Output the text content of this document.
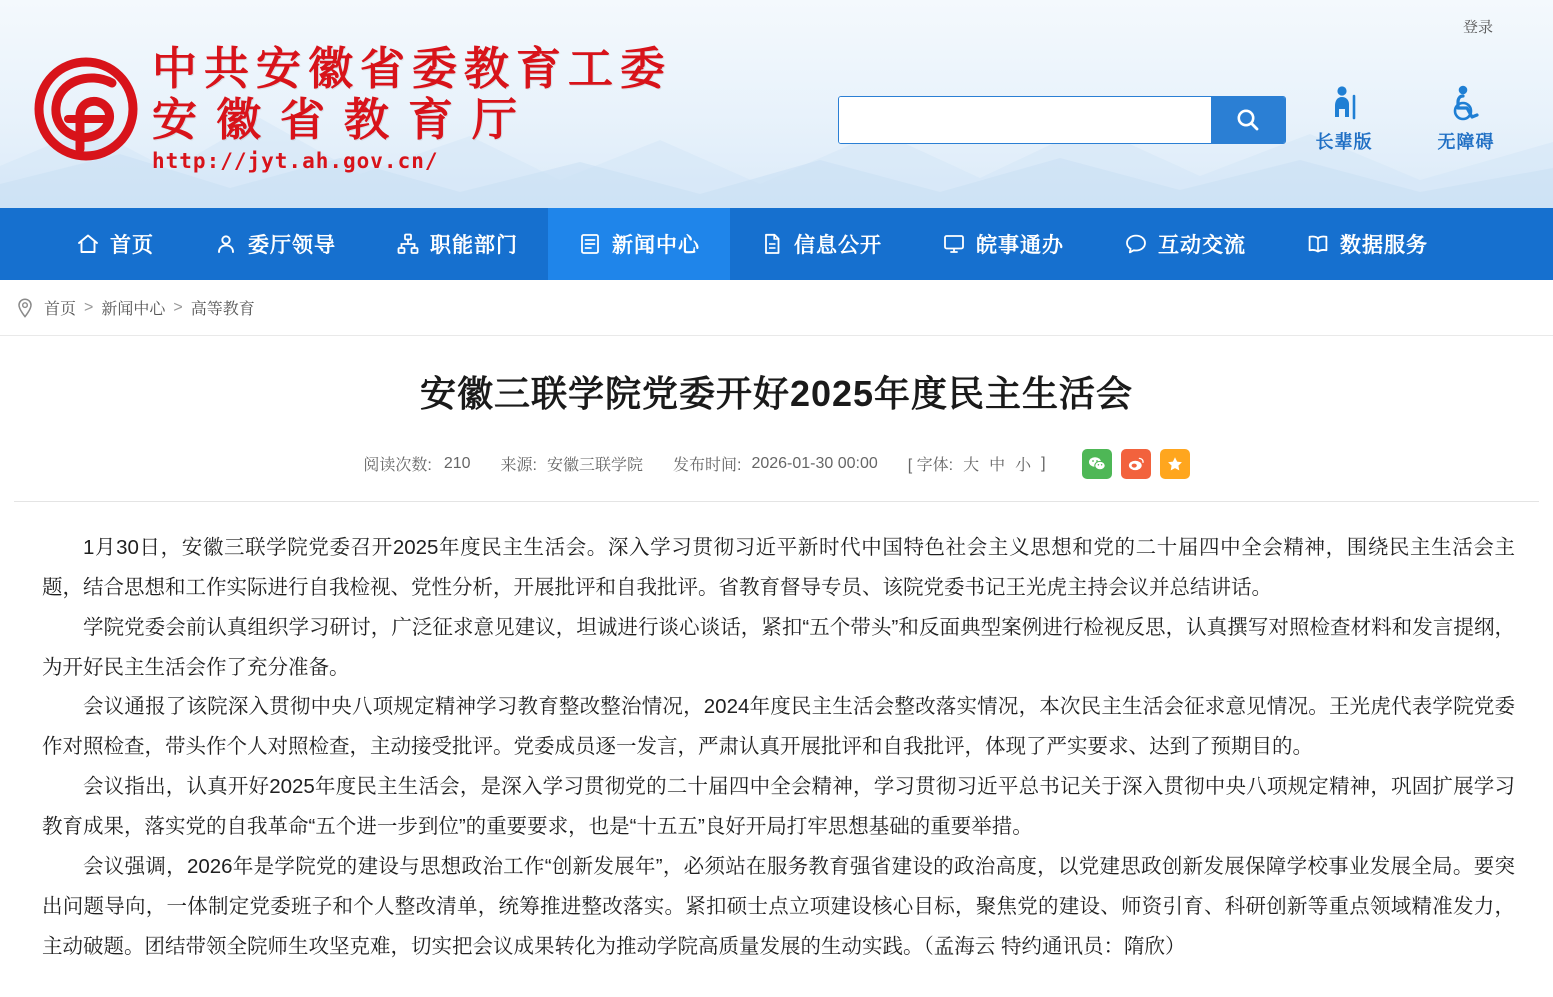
登录
中共安徽省委教育工委
安徽省教育厅
http://jyt.ah.gov.cn/
长辈版	无障碍
首页	委厅领导	职能部门	新闻中心	信息公开	皖事通办	互动交流	数据服务
首页 > 新闻中心 > 高等教育
安徽三联学院党委开好2025年度民主生活会
阅读次数: 210 来源: 安徽三联学院 发布时间: 2026-01-30 00:00 [ 字体: 大 中 小 ]

1月30日，安徽三联学院党委召开2025年度民主生活会。深入学习贯彻习近平新时代中国特色社会主义思想和党的二十届四中全会精神，围绕民主生活会主题，结合思想和工作实际进行自我检视、党性分析，开展批评和自我批评。省教育督导专员、该院党委书记王光虎主持会议并总结讲话。

学院党委会前认真组织学习研讨，广泛征求意见建议，坦诚进行谈心谈话，紧扣“五个带头”和反面典型案例进行检视反思，认真撰写对照检查材料和发言提纲，为开好民主生活会作了充分准备。

会议通报了该院深入贯彻中央八项规定精神学习教育整改整治情况，2024年度民主生活会整改落实情况，本次民主生活会征求意见情况。王光虎代表学院党委作对照检查，带头作个人对照检查，主动接受批评。党委成员逐一发言，严肃认真开展批评和自我批评，体现了严实要求、达到了预期目的。

会议指出，认真开好2025年度民主生活会，是深入学习贯彻党的二十届四中全会精神，学习贯彻习近平总书记关于深入贯彻中央八项规定精神，巩固扩展学习教育成果，落实党的自我革命“五个进一步到位”的重要要求，也是“十五五”良好开局打牢思想基础的重要举措。

会议强调，2026年是学院党的建设与思想政治工作“创新发展年”，必须站在服务教育强省建设的政治高度，以党建思政创新发展保障学校事业发展全局。要突出问题导向，一体制定党委班子和个人整改清单，统筹推进整改落实。紧扣硕士点立项建设核心目标，聚焦党的建设、师资引育、科研创新等重点领域精准发力，主动破题。团结带领全院师生攻坚克难，切实把会议成果转化为推动学院高质量发展的生动实践。（孟海云 特约通讯员：隋欣）
